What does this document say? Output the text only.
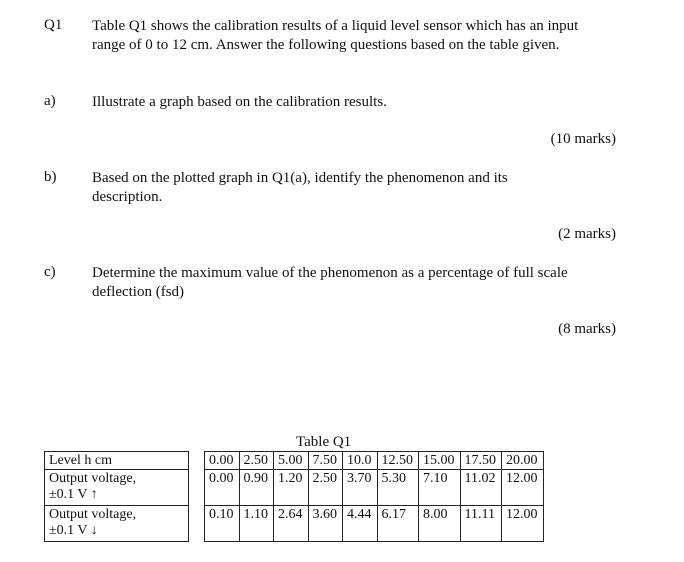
Q1 Table Q1 shows the calibration results of a liquid level sensor which has an input
range of 0 to 12 cm. Answer the following questions based on the table given.
a) Illustrate a graph based on the calibration results.
(10 marks)
b) Based on the plotted graph in Q1(a), identify the phenomenon and its
description.
(2 marks)
c) Determine the maximum value of the phenomenon as a percentage of full scale
deflection (fsd)
(8 marks)
Table Q1
Level h cm		0.00	2.50	5.00	7.50	10.0	12.50	15.00	17.50	20.00

Output voltage,
±0.1 V ↑		0.00	0.90	1.20	2.50	3.70	5.30	7.10	11.02	12.00

Output voltage,
±0.1 V ↓		0.10	1.10	2.64	3.60	4.44	6.17	8.00	11.11	12.00
